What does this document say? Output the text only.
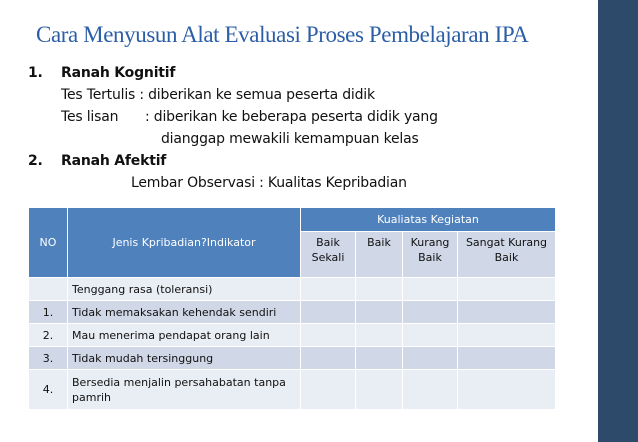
Cara Menyusun Alat Evaluasi Proses Pembelajaran IPA
1. Ranah Kognitif
Tes Tertulis : diberikan ke semua peserta didik
Tes lisan : diberikan ke beberapa peserta didik yang
dianggap mewakili kemampuan kelas
2. Ranah Afektif
Lembar Observasi : Kualitas Kepribadian
NO	Jenis Kpribadian?Indikator	Kualiatas Kegiatan			
		Baik Sekali	Baik	Kurang Baik	Sangat Kurang Baik
	Tenggang rasa (toleransi)				
1.	Tidak memaksakan kehendak sendiri				
2.	Mau menerima pendapat orang lain				
3.	Tidak mudah tersinggung				
4.	Bersedia menjalin persahabatan tanpa pamrih				
